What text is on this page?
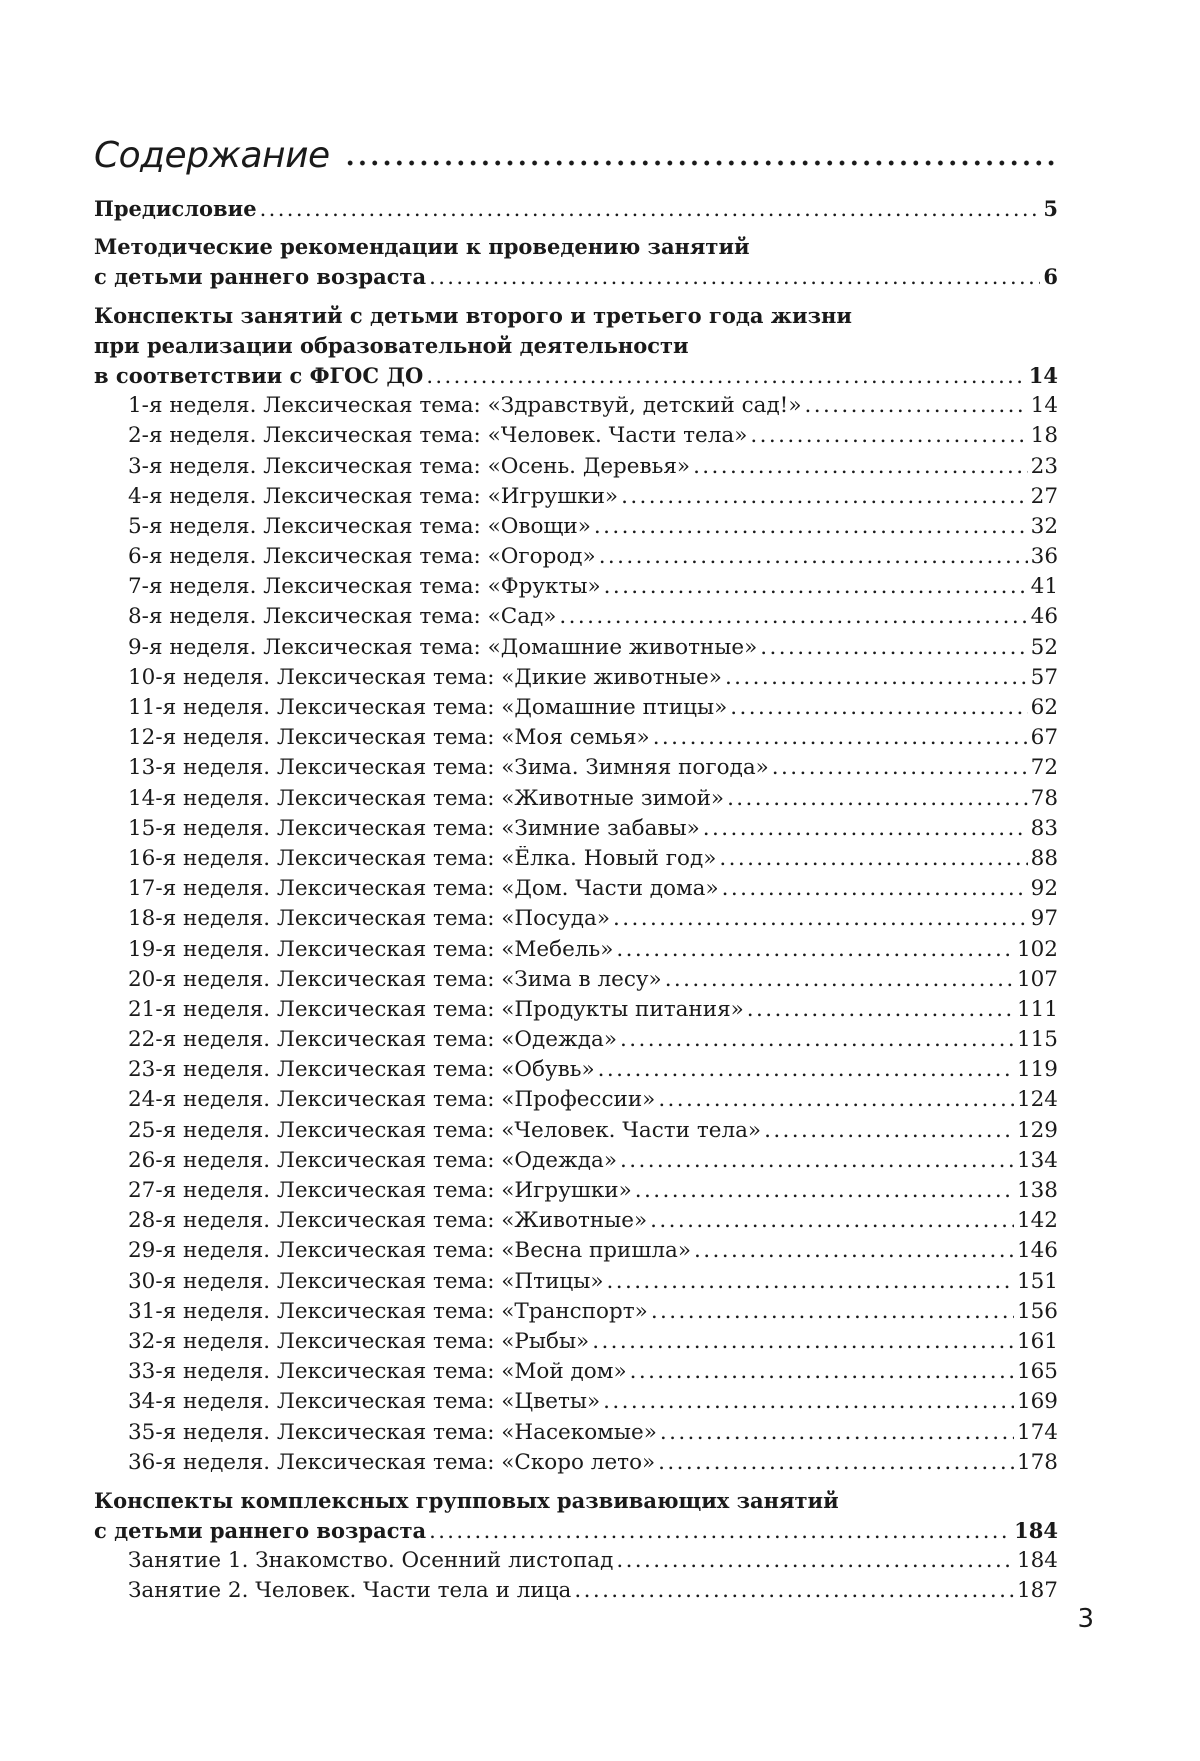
Содержание
Предисловие .....	5
Методические рекомендации к проведению занятий
с детьми раннего возраста .....	6
Конспекты занятий с детьми второго и третьего года жизни
при реализации образовательной деятельности
в соответствии с ФГОС ДО .....	14
1-я неделя. Лексическая тема: «Здравствуй, детский сад!» .....	14
2-я неделя. Лексическая тема: «Человек. Части тела» .....	18
3-я неделя. Лексическая тема: «Осень. Деревья» .....	23
4-я неделя. Лексическая тема: «Игрушки» .....	27
5-я неделя. Лексическая тема: «Овощи» .....	32
6-я неделя. Лексическая тема: «Огород» .....	36
7-я неделя. Лексическая тема: «Фрукты» .....	41
8-я неделя. Лексическая тема: «Сад» .....	46
9-я неделя. Лексическая тема: «Домашние животные» .....	52
10-я неделя. Лексическая тема: «Дикие животные» .....	57
11-я неделя. Лексическая тема: «Домашние птицы» .....	62
12-я неделя. Лексическая тема: «Моя семья» .....	67
13-я неделя. Лексическая тема: «Зима. Зимняя погода» .....	72
14-я неделя. Лексическая тема: «Животные зимой» .....	78
15-я неделя. Лексическая тема: «Зимние забавы» .....	83
16-я неделя. Лексическая тема: «Ёлка. Новый год» .....	88
17-я неделя. Лексическая тема: «Дом. Части дома» .....	92
18-я неделя. Лексическая тема: «Посуда» .....	97
19-я неделя. Лексическая тема: «Мебель» .....	102
20-я неделя. Лексическая тема: «Зима в лесу» .....	107
21-я неделя. Лексическая тема: «Продукты питания» .....	111
22-я неделя. Лексическая тема: «Одежда» .....	115
23-я неделя. Лексическая тема: «Обувь» .....	119
24-я неделя. Лексическая тема: «Профессии» .....	124
25-я неделя. Лексическая тема: «Человек. Части тела» .....	129
26-я неделя. Лексическая тема: «Одежда» .....	134
27-я неделя. Лексическая тема: «Игрушки» .....	138
28-я неделя. Лексическая тема: «Животные» .....	142
29-я неделя. Лексическая тема: «Весна пришла» .....	146
30-я неделя. Лексическая тема: «Птицы» .....	151
31-я неделя. Лексическая тема: «Транспорт» .....	156
32-я неделя. Лексическая тема: «Рыбы» .....	161
33-я неделя. Лексическая тема: «Мой дом» .....	165
34-я неделя. Лексическая тема: «Цветы» .....	169
35-я неделя. Лексическая тема: «Насекомые» .....	174
36-я неделя. Лексическая тема: «Скоро лето» .....	178
Конспекты комплексных групповых развивающих занятий
с детьми раннего возраста .....	184
Занятие 1. Знакомство. Осенний листопад .....	184
Занятие 2. Человек. Части тела и лица .....	187
3
